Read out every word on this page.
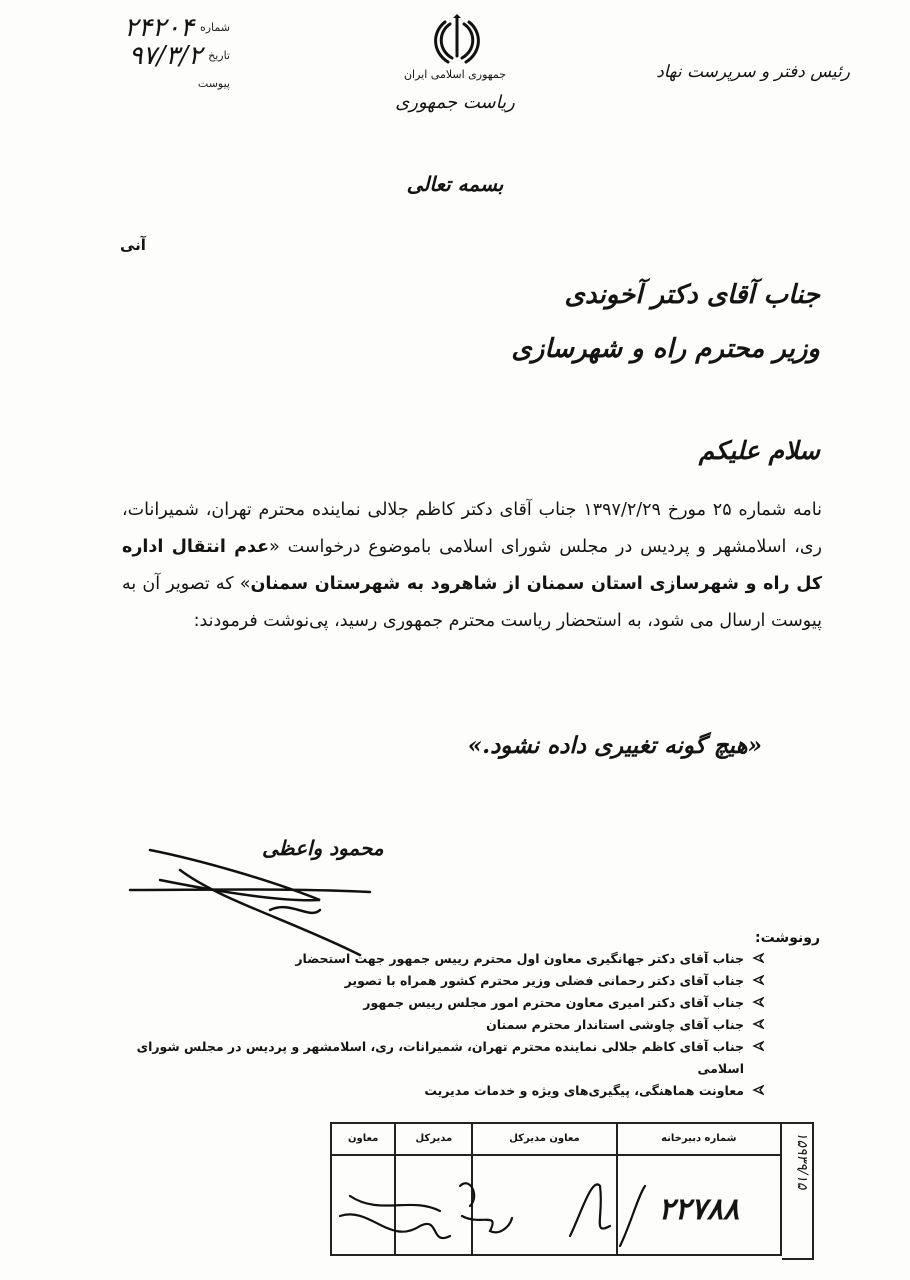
شماره
۲۴۲۰۴
تاریخ
۹۷/۳/۲
پیوست
جمهوری اسلامی ایران
ریاست جمهوری
رئیس دفتر و سرپرست نهاد
بسمه تعالی
آنی
جناب آقای دکتر آخوندی
وزیر محترم راه و شهرسازی
سلام علیکم
نامه شماره ۲۵ مورخ ۱۳۹۷/۲/۲۹ جناب آقای دکتر کاظم جلالی نماینده محترم تهران، شمیرانات، ری، اسلامشهر و پردیس در مجلس شورای اسلامی باموضوع درخواست «عدم انتقال اداره کل راه و شهرسازی استان سمنان از شاهرود به شهرستان سمنان» که تصویر آن به پیوست ارسال می شود، به استحضار ریاست محترم جمهوری رسید، پی‌نوشت فرمودند:
«هیچ گونه تغییری داده نشود.»
محمود واعظی
رونوشت:
جناب آقای دکتر جهانگیری معاون اول محترم رییس جمهور جهت استحضار
جناب آقای دکتر رحمانی فضلی وزیر محترم کشور همراه با تصویر
جناب آقای دکتر امیری معاون محترم امور مجلس رییس جمهور
جناب آقای چاوشی استاندار محترم سمنان
جناب آقای کاظم جلالی نماینده محترم تهران، شمیرانات، ری، اسلامشهر و پردیس در مجلس شورای اسلامی
معاونت هماهنگی، پیگیری‌های ویژه و خدمات مدیریت
معاون	مدیرکل	معاون مدیرکل	شماره دبیرخانه

			۲۲۷۸۸
۱۵۹۳۹/۱۵
